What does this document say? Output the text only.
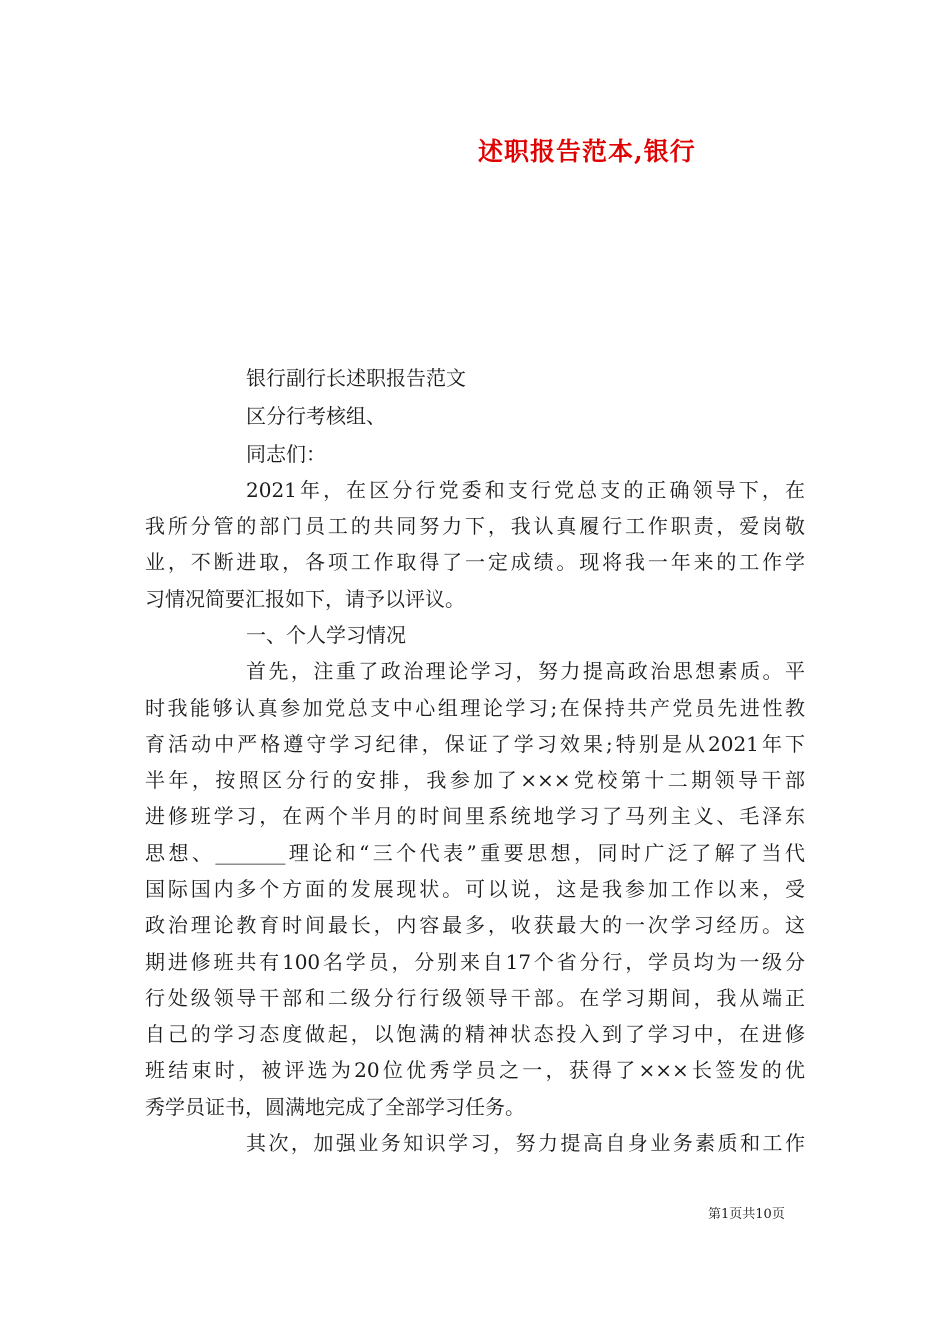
述职报告范本,银行
银行副行长述职报告范文
区分行考核组、
同志们：
2021年，在区分行党委和支行党总支的正确领导下，在
我所分管的部门员工的共同努力下，我认真履行工作职责，爱岗敬
业，不断进取，各项工作取得了一定成绩。现将我一年来的工作学
习情况简要汇报如下，请予以评议。
一、个人学习情况
首先，注重了政治理论学习，努力提高政治思想素质。平
时我能够认真参加党总支中心组理论学习;在保持共产党员先进性教
育活动中严格遵守学习纪律，保证了学习效果;特别是从2021年下
半年，按照区分行的安排，我参加了×××党校第十二期领导干部
进修班学习，在两个半月的时间里系统地学习了马列主义、毛泽东
思想、_______理论和“三个代表”重要思想，同时广泛了解了当代
国际国内多个方面的发展现状。可以说，这是我参加工作以来，受
政治理论教育时间最长，内容最多，收获最大的一次学习经历。这
期进修班共有100名学员，分别来自17个省分行，学员均为一级分
行处级领导干部和二级分行行级领导干部。在学习期间，我从端正
自己的学习态度做起，以饱满的精神状态投入到了学习中，在进修
班结束时，被评选为20位优秀学员之一，获得了×××长签发的优
秀学员证书，圆满地完成了全部学习任务。
其次，加强业务知识学习，努力提高自身业务素质和工作
第1页共10页
